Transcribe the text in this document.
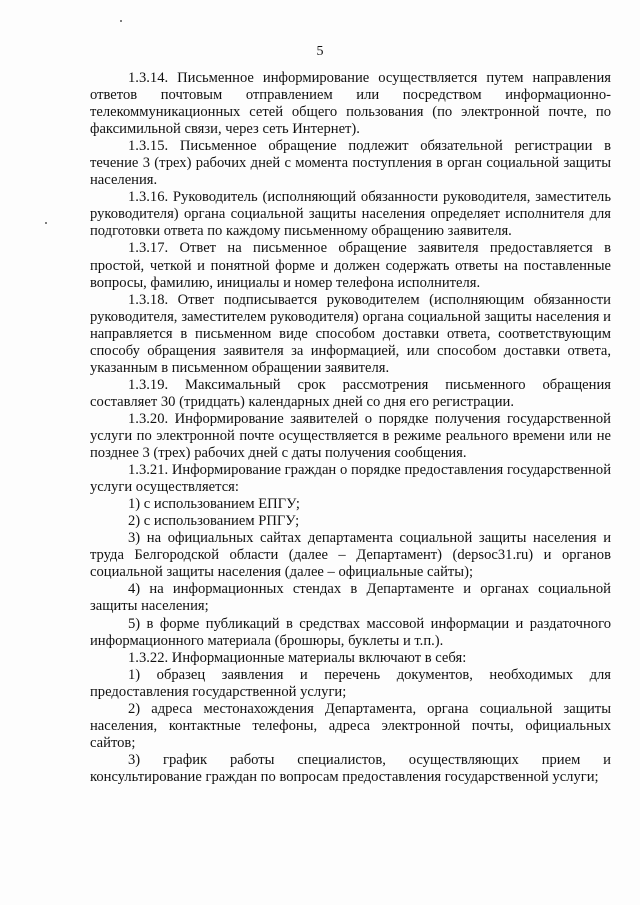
5

1.3.14. Письменное информирование осуществляется путем направления ответов почтовым отправлением или посредством информационно-телекоммуникационных сетей общего пользования (по электронной почте, по факсимильной связи, через сеть Интернет).

1.3.15. Письменное обращение подлежит обязательной регистрации в течение 3 (трех) рабочих дней с момента поступления в орган социальной защиты населения.

1.3.16. Руководитель (исполняющий обязанности руководителя, заместитель руководителя) органа социальной защиты населения определяет исполнителя для подготовки ответа по каждому письменному обращению заявителя.

1.3.17. Ответ на письменное обращение заявителя предоставляется в простой, четкой и понятной форме и должен содержать ответы на поставленные вопросы, фамилию, инициалы и номер телефона исполнителя.

1.3.18. Ответ подписывается руководителем (исполняющим обязанности руководителя, заместителем руководителя) органа социальной защиты населения и направляется в письменном виде способом доставки ответа, соответствующим способу обращения заявителя за информацией, или способом доставки ответа, указанным в письменном обращении заявителя.

1.3.19. Максимальный срок рассмотрения письменного обращения составляет 30 (тридцать) календарных дней со дня его регистрации.

1.3.20. Информирование заявителей о порядке получения государственной услуги по электронной почте осуществляется в режиме реального времени или не позднее 3 (трех) рабочих дней с даты получения сообщения.

1.3.21. Информирование граждан о порядке предоставления государственной услуги осуществляется:

1) с использованием ЕПГУ;

2) с использованием РПГУ;

3) на официальных сайтах департамента социальной защиты населения и труда Белгородской области (далее – Департамент) (depsoc31.ru) и органов социальной защиты населения (далее – официальные сайты);

4) на информационных стендах в Департаменте и органах социальной защиты населения;

5) в форме публикаций в средствах массовой информации и раздаточного информационного материала (брошюры, буклеты и т.п.).

1.3.22. Информационные материалы включают в себя:

1) образец заявления и перечень документов, необходимых для предоставления государственной услуги;

2) адреса местонахождения Департамента, органа социальной защиты населения, контактные телефоны, адреса электронной почты, официальных сайтов;

3) график работы специалистов, осуществляющих прием и консультирование граждан по вопросам предоставления государственной услуги;
